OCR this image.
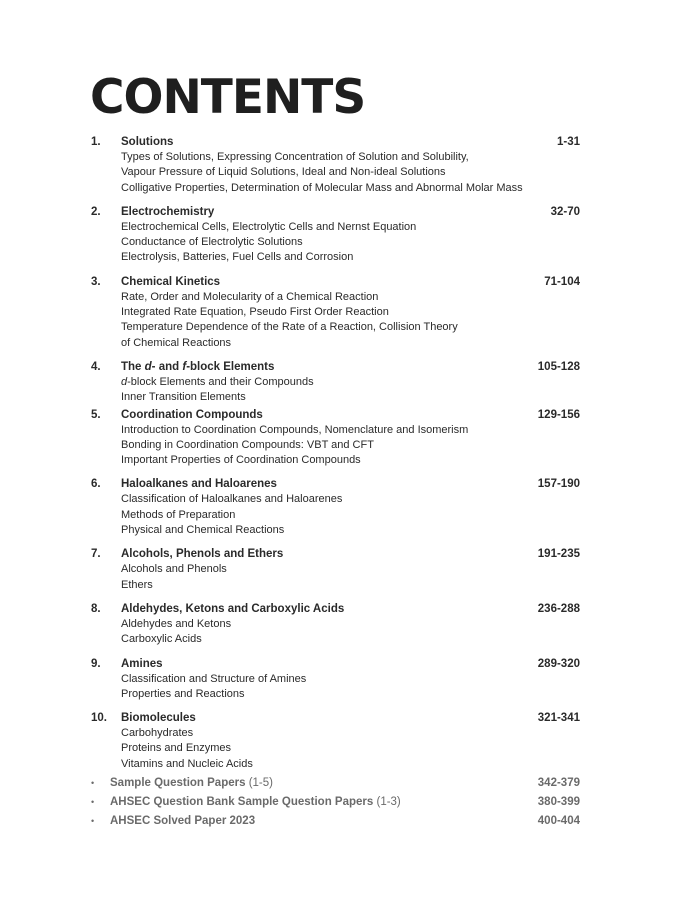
CONTENTS
1. Solutions	1-31
Types of Solutions, Expressing Concentration of Solution and Solubility,
Vapour Pressure of Liquid Solutions, Ideal and Non-ideal Solutions
Colligative Properties, Determination of Molecular Mass and Abnormal Molar Mass
2. Electrochemistry	32-70
Electrochemical Cells, Electrolytic Cells and Nernst Equation
Conductance of Electrolytic Solutions
Electrolysis, Batteries, Fuel Cells and Corrosion
3. Chemical Kinetics	71-104
Rate, Order and Molecularity of a Chemical Reaction
Integrated Rate Equation, Pseudo First Order Reaction
Temperature Dependence of the Rate of a Reaction, Collision Theory
of Chemical Reactions
4. The d- and f-block Elements	105-128
d-block Elements and their Compounds
Inner Transition Elements
5. Coordination Compounds	129-156
Introduction to Coordination Compounds, Nomenclature and Isomerism
Bonding in Coordination Compounds: VBT and CFT
Important Properties of Coordination Compounds
6. Haloalkanes and Haloarenes	157-190
Classification of Haloalkanes and Haloarenes
Methods of Preparation
Physical and Chemical Reactions
7. Alcohols, Phenols and Ethers	191-235
Alcohols and Phenols
Ethers
8. Aldehydes, Ketons and Carboxylic Acids	236-288
Aldehydes and Ketons
Carboxylic Acids
9. Amines	289-320
Classification and Structure of Amines
Properties and Reactions
10. Biomolecules	321-341
Carbohydrates
Proteins and Enzymes
Vitamins and Nucleic Acids
• Sample Question Papers (1-5)	342-379
• AHSEC Question Bank Sample Question Papers (1-3)	380-399
• AHSEC Solved Paper 2023	400-404
